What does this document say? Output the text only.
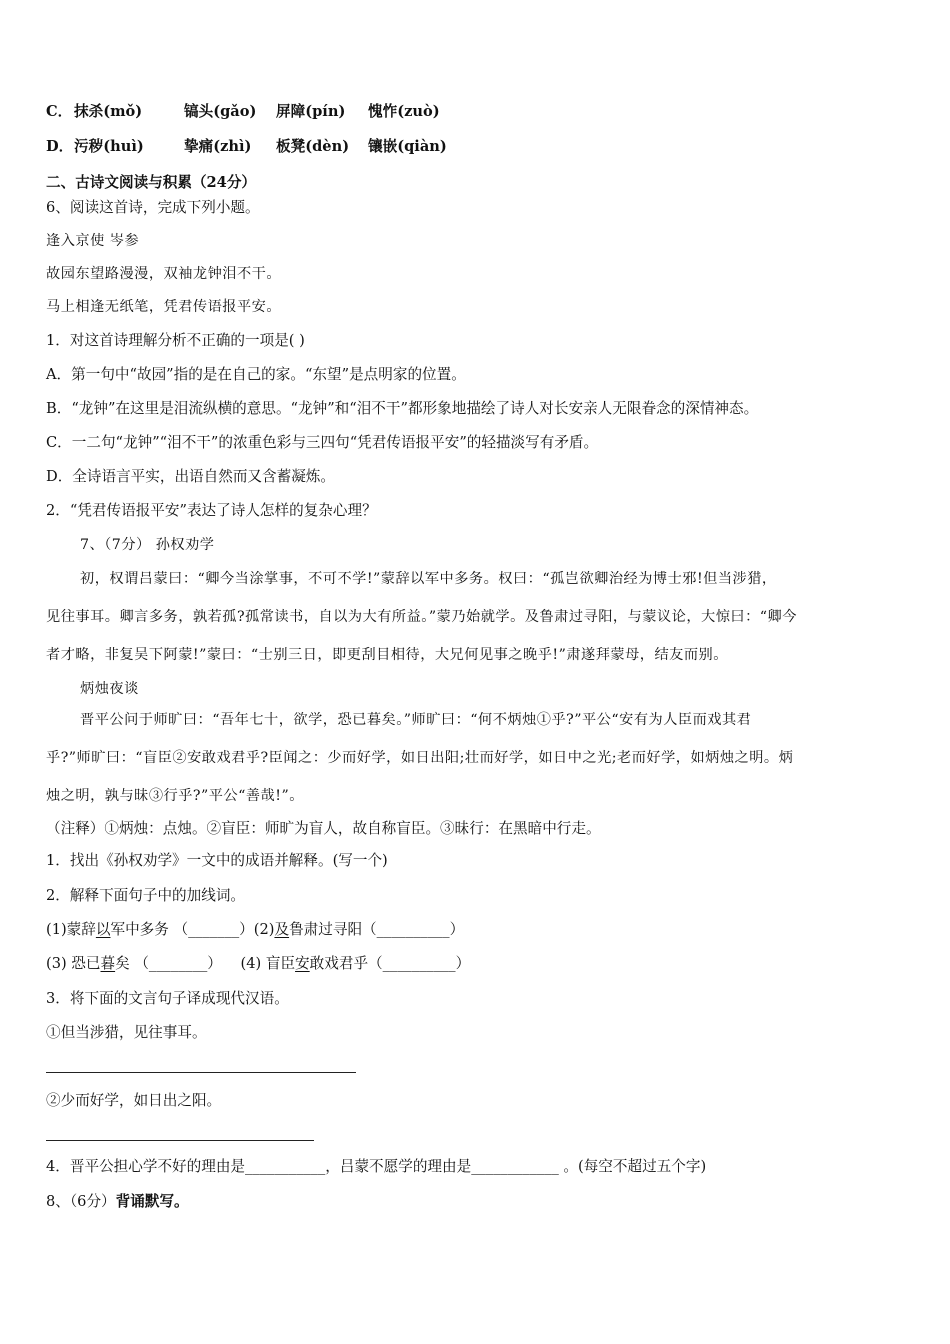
C． 抹杀(mǒ)	镐头(gǎo) 屏障(pín) 愧怍(zuò)
D．污秽(huì)	挚痛(zhì) 板凳(dèn) 镶嵌(qiàn)
二、古诗文阅读与积累（24分）
6、阅读这首诗，完成下列小题。
逢入京使 岑参
故园东望路漫漫，双袖龙钟泪不干。
马上相逢无纸笔，凭君传语报平安。
1．对这首诗理解分析不正确的一项是( )
A．第一句中“故园”指的是在自己的家。“东望”是点明家的位置。
B．“龙钟”在这里是泪流纵横的意思。“龙钟”和“泪不干”都形象地描绘了诗人对长安亲人无限眷念的深情神态。
C．一二句“龙钟”“泪不干”的浓重色彩与三四句“凭君传语报平安”的轻描淡写有矛盾。
D．全诗语言平实，出语自然而又含蓄凝炼。
2．“凭君传语报平安”表达了诗人怎样的复杂心理？
7、（7分） 孙权劝学
初，权谓吕蒙曰：“卿今当涂掌事，不可不学!”蒙辞以军中多务。权曰：“孤岂欲卿治经为博士邪!但当涉猎，
见往事耳。卿言多务，孰若孤?孤常读书，自以为大有所益。”蒙乃始就学。及鲁肃过寻阳，与蒙议论，大惊曰：“卿今
者才略，非复吴下阿蒙!”蒙曰：“士别三日，即更刮目相待，大兄何见事之晚乎!”肃遂拜蒙母，结友而别。
炳烛夜谈
晋平公问于师旷曰：“吾年七十，欲学，恐已暮矣。”师旷曰：“何不炳烛①乎?”平公“安有为人臣而戏其君
乎?”师旷曰：“盲臣②安敢戏君乎?臣闻之：少而好学，如日出阳;壮而好学，如日中之光;老而好学，如炳烛之明。炳
烛之明，孰与昧③行乎?”平公“善哉!”。
（注释）①炳烛：点烛。②盲臣：师旷为盲人，故自称盲臣。③昧行：在黑暗中行走。
1．找出《孙权劝学》一文中的成语并解释。(写一个)
2．解释下面句子中的加线词。
(1)蒙辞以军中多务 （_______）(2)及鲁肃过寻阳（__________）
(3) 恐已暮矣 （________） (4) 盲臣安敢戏君乎（__________）
3．将下面的文言句子译成现代汉语。
①但当涉猎，见往事耳。
②少而好学，如日出之阳。
4．晋平公担心学不好的理由是___________，吕蒙不愿学的理由是____________ 。(每空不超过五个字)
8、（6分）背诵默写。
